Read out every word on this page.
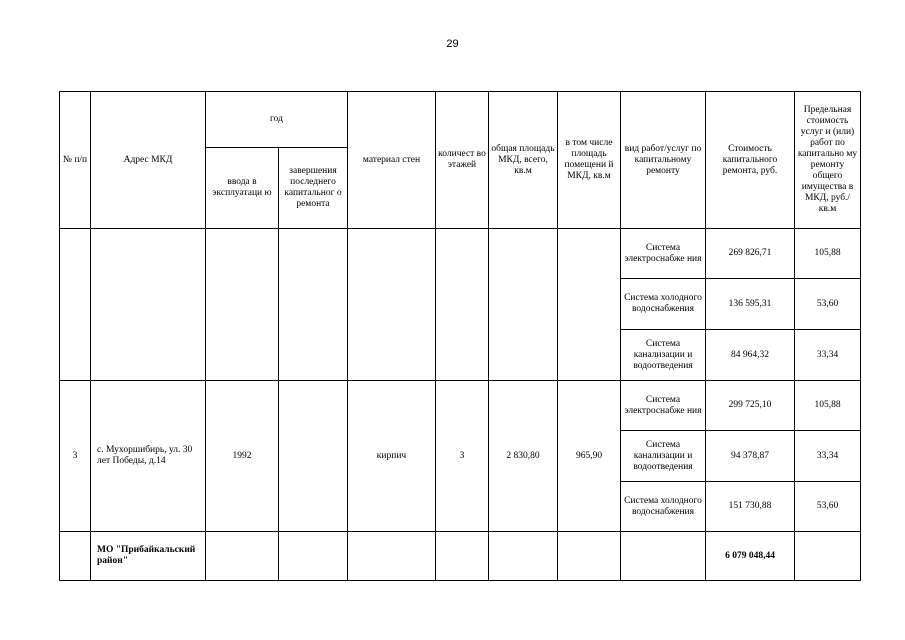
29
№ п/п	Адрес МКД	год		материал стен	количест во этажей	общая площадь МКД, всего, кв.м	в том числе площадь помещени й МКД, кв.м	вид работ/услуг по капитальному ремонту	Стоимость капитального ремонта, руб.	Предельная стоимость услуг и (или) работ по капитально му ремонту общего имущества в МКД, руб./кв.м
		ввода в эксплуатаци ю	завершения последнего капитальног о ремонта							
								Система электроснабже ния	269 826,71	105,88
								Система холодного водоснабжения	136 595,31	53,60
								Система канализации и водоотведения	84 964,32	33,34
3	с. Мухоршибирь, ул. 30 лет Победы, д.14	1992		кирпич	3	2 830,80	965,90	Система электроснабже ния	299 725,10	105,88
								Система канализации и водоотведения	94 378,87	33,34
								Система холодного водоснабжения	151 730,88	53,60
	МО "Прибайкальский район"								6 079 048,44	
